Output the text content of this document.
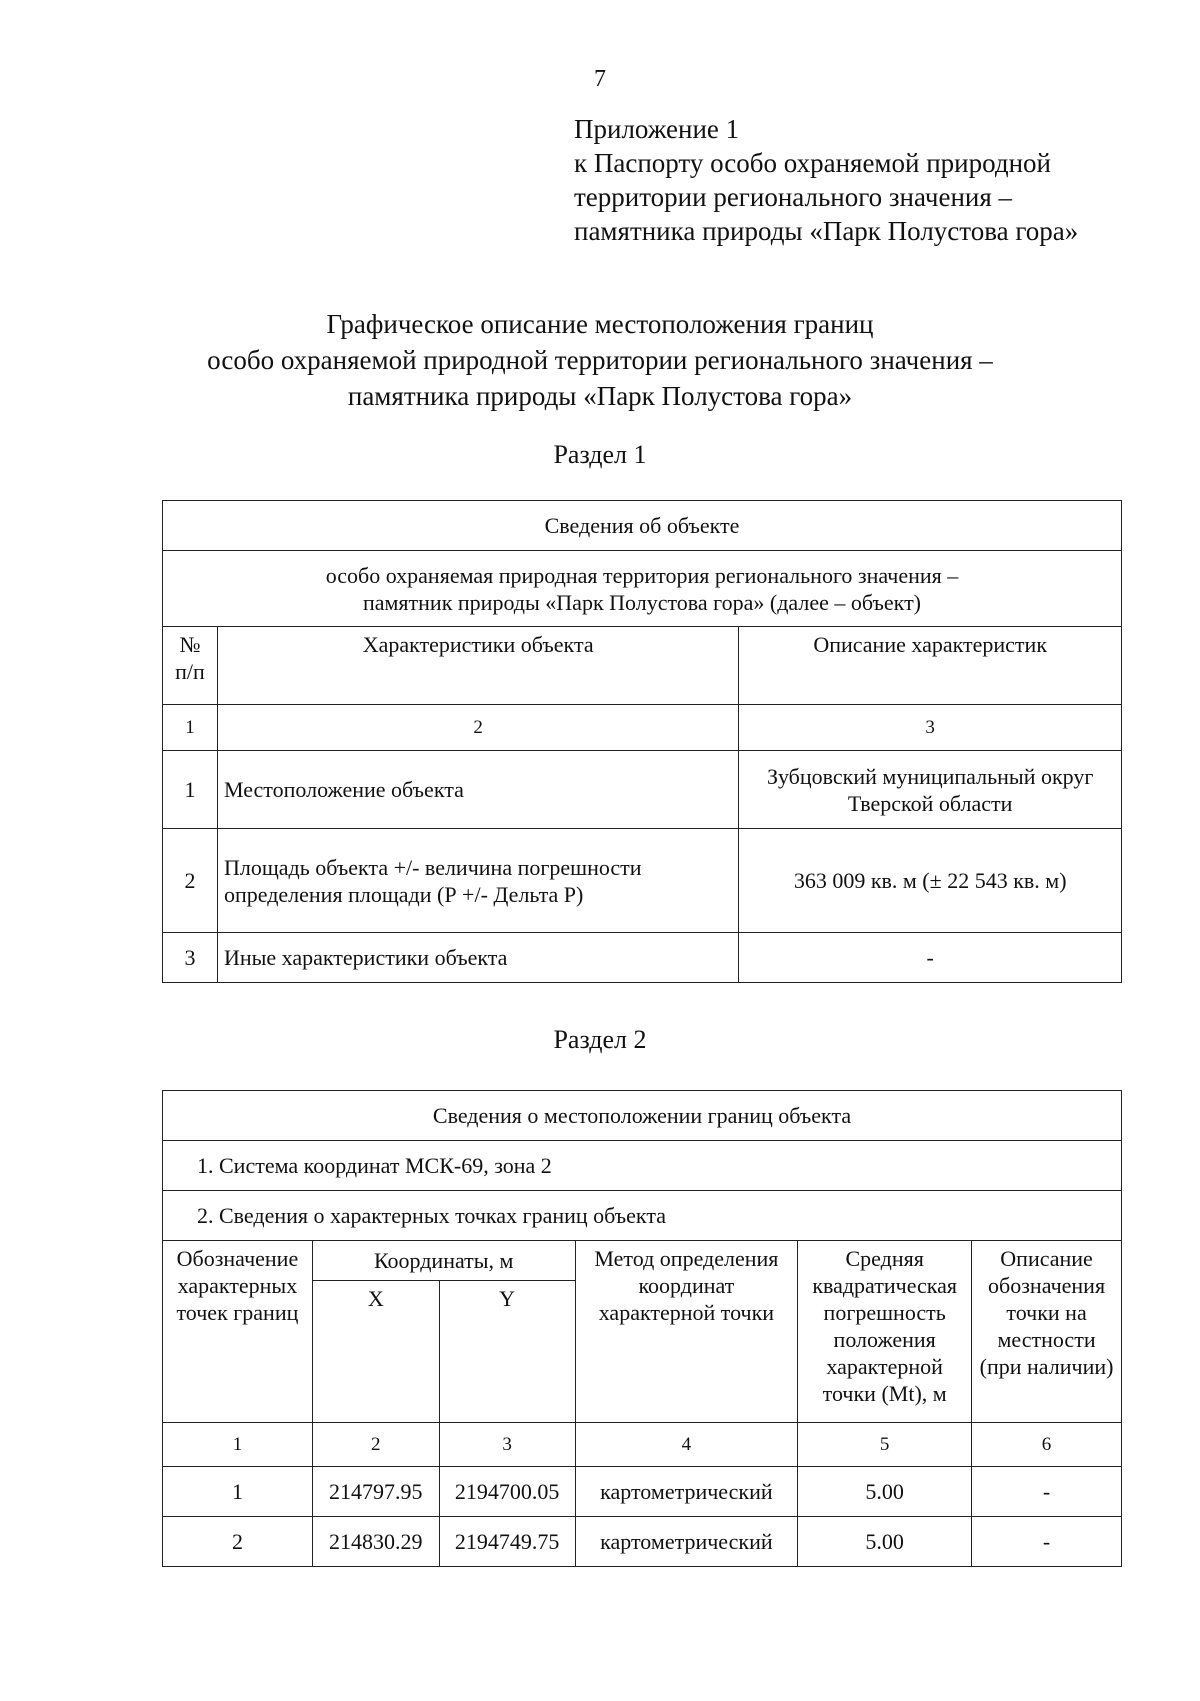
7
Приложение 1
к Паспорту особо охраняемой природной
территории регионального значения –
памятника природы «Парк Полустова гора»
Графическое описание местоположения границ
особо охраняемой природной территории регионального значения –
памятника природы «Парк Полустова гора»
Раздел 1
Сведения об объекте		

особо охраняемая природная территория регионального значения –
памятник природы «Парк Полустова гора» (далее – объект)		

№ п/п	Характеристики объекта	Описание характеристик
1	2	3
1	Местоположение объекта	Зубцовский муниципальный округ Тверской области
2	Площадь объекта +/- величина погрешности определения площади (Р +/- Дельта Р)	363 009 кв. м (± 22 543 кв. м)
3	Иные характеристики объекта	-
Раздел 2
Сведения о местоположении границ объекта					
1. Система координат МСК-69, зона 2					
2. Сведения о характерных точках границ объекта					
Обозначение характерных точек границ	Координаты, м		Метод определения координат характерной точки	Средняя квадратическая погрешность положения характерной точки (Mt), м	Описание обозначения точки на местности (при наличии)
	X	Y			
1	2	3	4	5	6
1	214797.95	2194700.05	картометрический	5.00	-
2	214830.29	2194749.75	картометрический	5.00	-
